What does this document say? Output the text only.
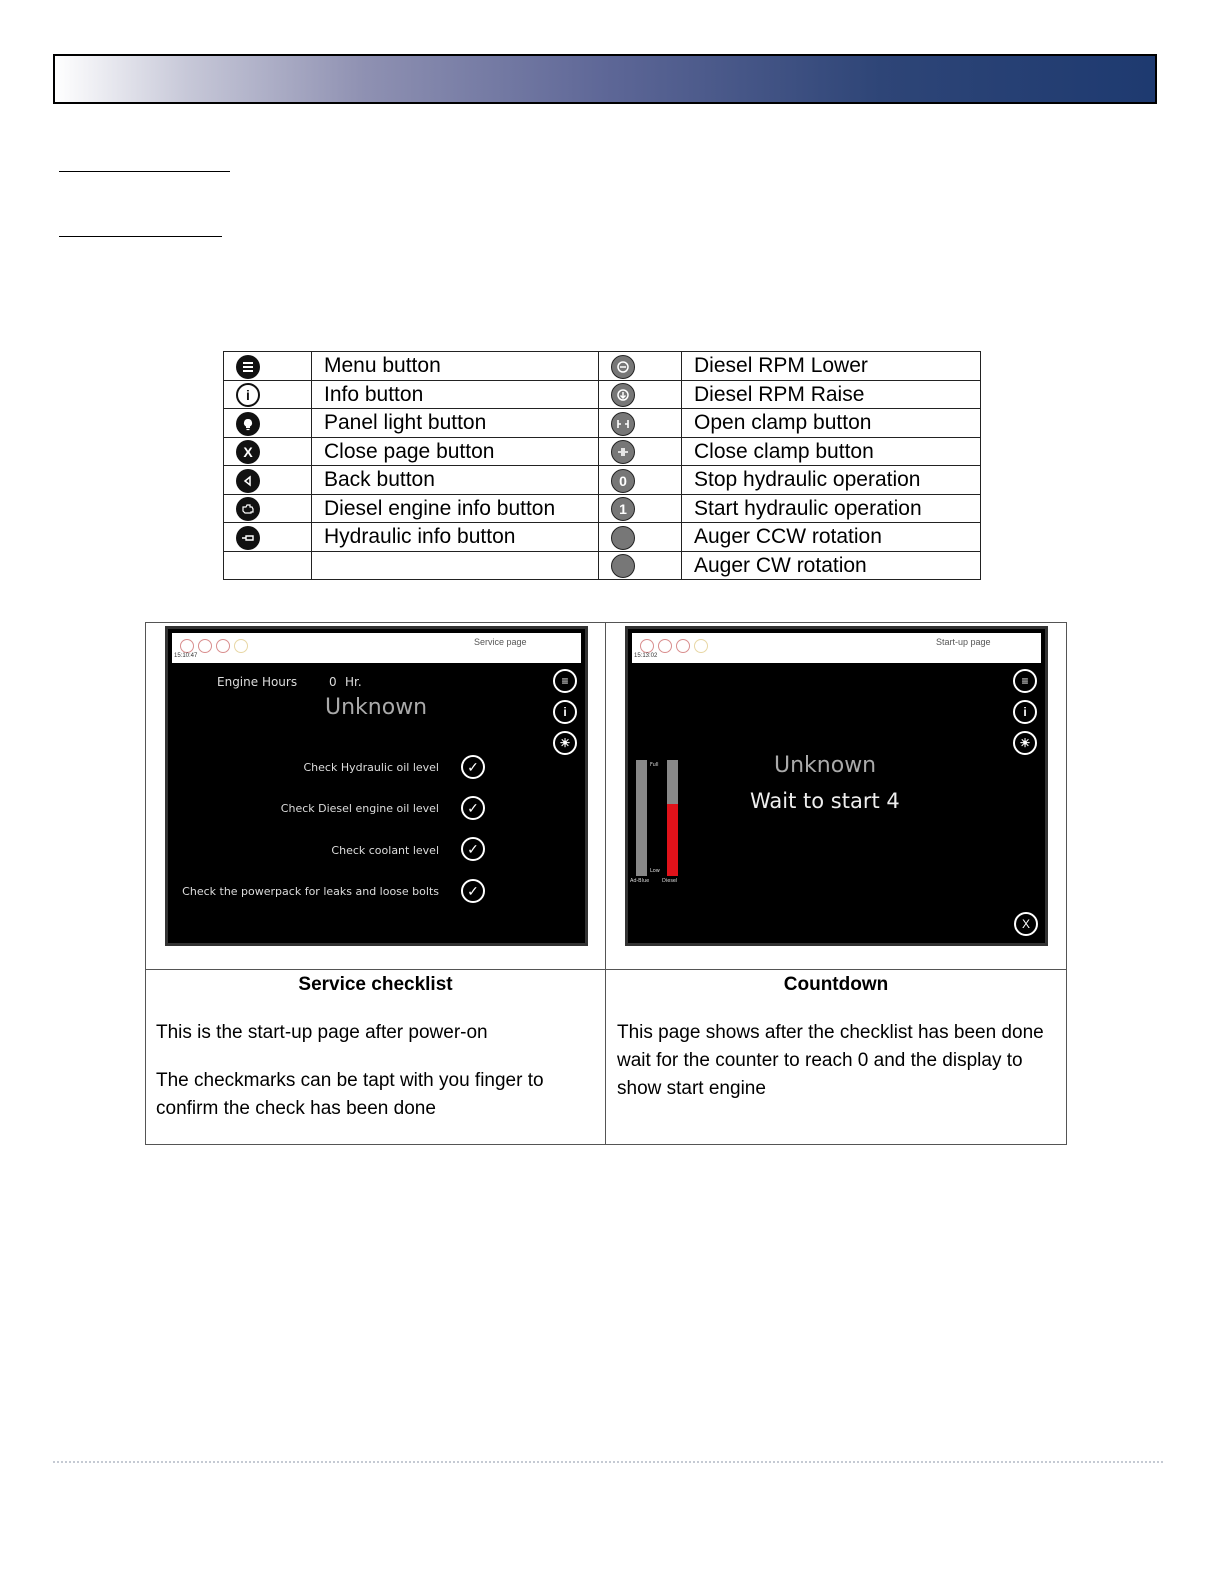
	Menu button		Diesel RPM Lower
i	Info button		Diesel RPM Raise

	Panel light button		Open clamp button
X	Close page button		Close clamp button

	Back button	0	Stop hydraulic operation

	Diesel engine info button	1	Start hydraulic operation

	Hydraulic info button		Auger CCW rotation
			Auger CW rotation
15:10:47
Service page
≡
i
☀
Engine Hours	0 Hr.
Unknown
Check Hydraulic oil level	✓
Check Diesel engine oil level	✓
Check coolant level	✓
Check the powerpack for leaks and loose bolts	✓
15:13:02
Start-up page
≡
i
☀
Full
Low
Ad-Blue	Diesel
Unknown
Wait to start 4
X
Service checklist

This is the start-up page after power-on

The checkmarks can be tapt with you finger to confirm the check has been done

Countdown

This page shows after the checklist has been done wait for the counter to reach 0 and the display to show start engine
